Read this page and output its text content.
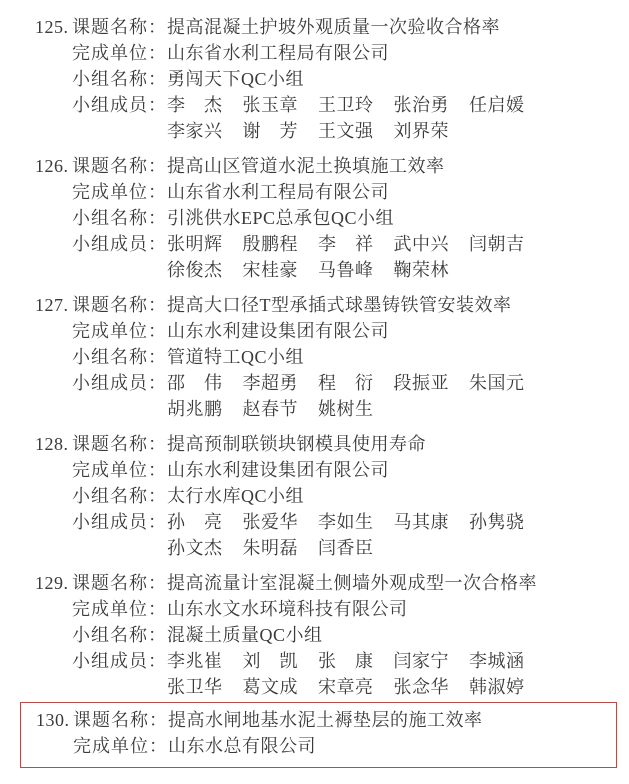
125. 课题名称： 提高混凝土护坡外观质量一次验收合格率
完成单位： 山东省水利工程局有限公司
小组名称： 勇闯天下QC小组
小组成员： 李　杰	张玉章	王卫玲	张治勇	任启媛
李家兴	谢　芳	王文强	刘界荣
126. 课题名称： 提高山区管道水泥土换填施工效率
完成单位： 山东省水利工程局有限公司
小组名称： 引洮供水EPC总承包QC小组
小组成员： 张明辉	殷鹏程	李　祥	武中兴	闫朝吉
徐俊杰	宋桂豪	马鲁峰	鞠荣林
127. 课题名称： 提高大口径T型承插式球墨铸铁管安装效率
完成单位： 山东水利建设集团有限公司
小组名称： 管道特工QC小组
小组成员： 邵　伟	李超勇	程　衍	段振亚	朱国元
胡兆鹏	赵春节	姚树生
128. 课题名称： 提高预制联锁块钢模具使用寿命
完成单位： 山东水利建设集团有限公司
小组名称： 太行水库QC小组
小组成员： 孙　亮	张爱华	李如生	马其康	孙隽骁
孙文杰	朱明磊	闫香臣
129. 课题名称： 提高流量计室混凝土侧墙外观成型一次合格率
完成单位： 山东水文水环境科技有限公司
小组名称： 混凝土质量QC小组
小组成员： 李兆崔	刘　凯	张　康	闫家宁	李城涵
张卫华	葛文成	宋章亮	张念华	韩淑婷
130. 课题名称： 提高水闸地基水泥土褥垫层的施工效率
完成单位： 山东水总有限公司
